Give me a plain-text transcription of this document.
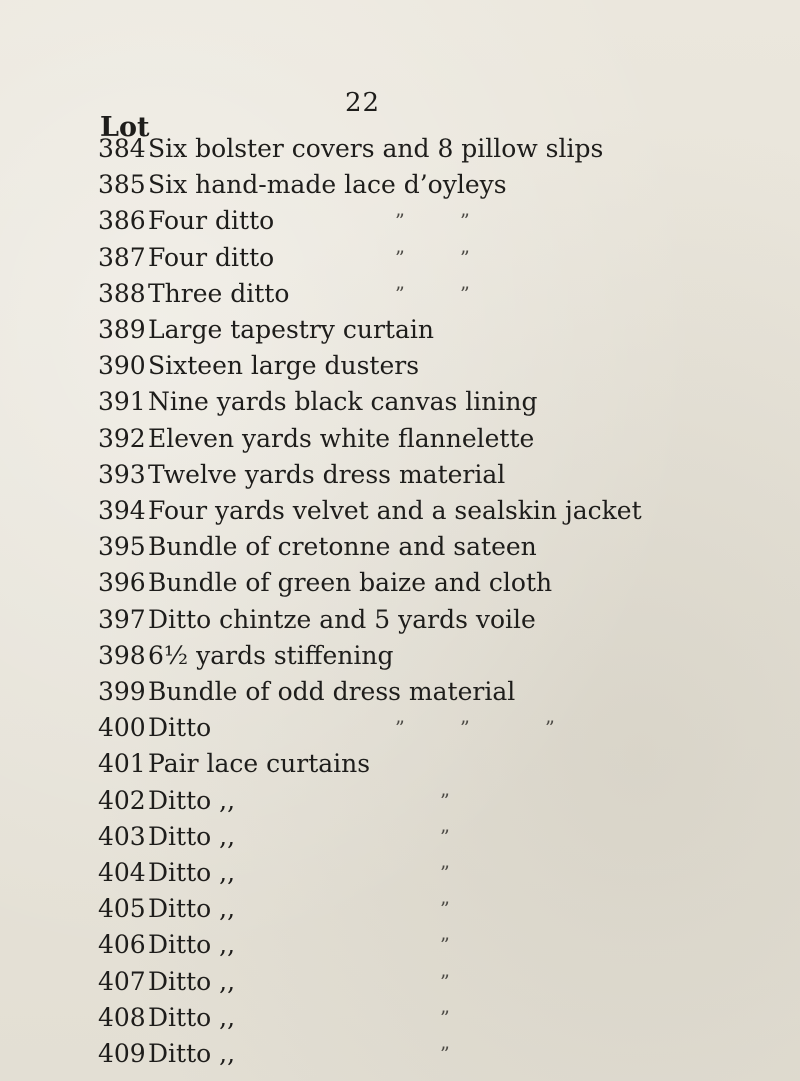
22
Lot
384 Six bolster covers and 8 pillow slips
385 Six hand-made lace d’oyleys
386 Four ditto	”	”
387 Four ditto	”	”
388 Three ditto	”	”
389 Large tapestry curtain
390 Sixteen large dusters
391 Nine yards black canvas lining
392 Eleven yards white flannelette
393 Twelve yards dress material
394 Four yards velvet and a sealskin jacket
395 Bundle of cretonne and sateen
396 Bundle of green baize and cloth
397 Ditto chintze and 5 yards voile
398 6½ yards stiffening
399 Bundle of odd dress material
400 Ditto	”	”	”
401 Pair lace curtains
402 Ditto ,,	”
403 Ditto ,,	”
404 Ditto ,,	”
405 Ditto ,,	”
406 Ditto ,,	”
407 Ditto ,,	”
408 Ditto ,,	”
409 Ditto ,,	”
